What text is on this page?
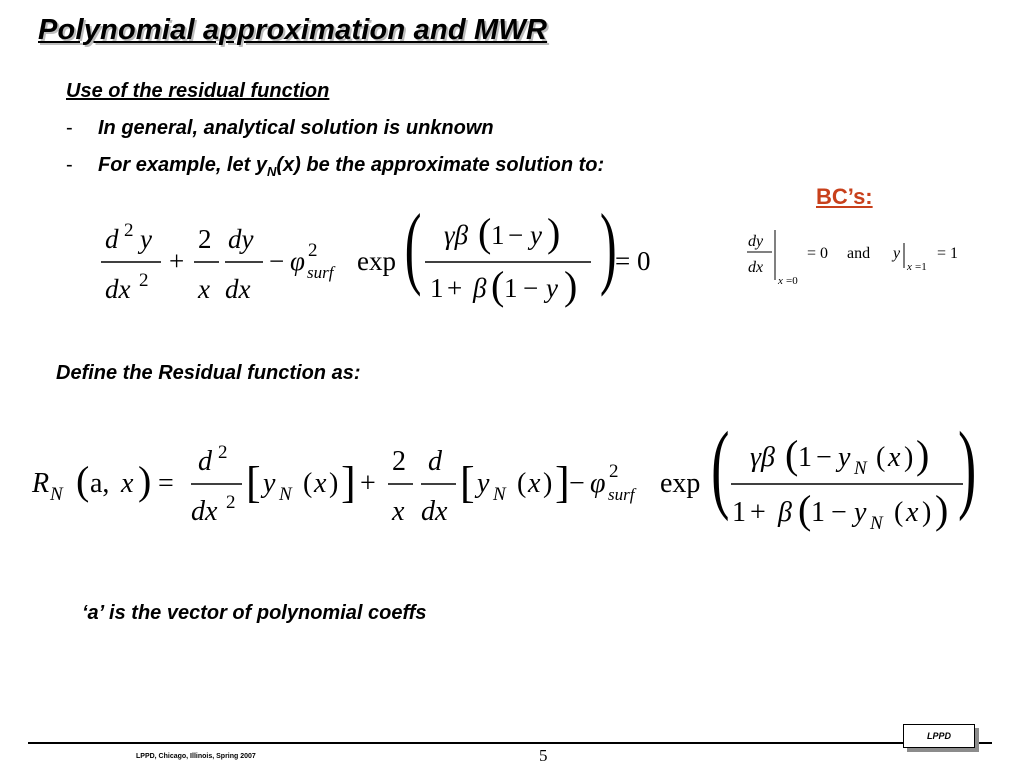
Polynomial approximation and MWR
Use of the residual function
- In general, analytical solution is unknown
- For example, let $y_N(x)$ be the approximate solution to:
BC’s:
d 2 y
dx 2
+
2
x
dy
dx
− φ 2
surf exp ( γβ ( 1 − y )
1 + β ( 1 − y ) )
= 0
dy
dx
x =0
= 0 and y
x =1
= 1
Define the Residual function as:
R N ( a, x ) =
d 2
dx 2 [ y N ( x ) ] +
2
x
d
dx
[ y N ( x ) ] − φ 2
surf exp ( γβ ( 1 − y N ( x ) )
1 + β ( 1 − y N ( x ) ) )
‘a’ is the vector of polynomial coeffs
LPPD, Chicago, Illinois, Spring 2007	5
LPPD
